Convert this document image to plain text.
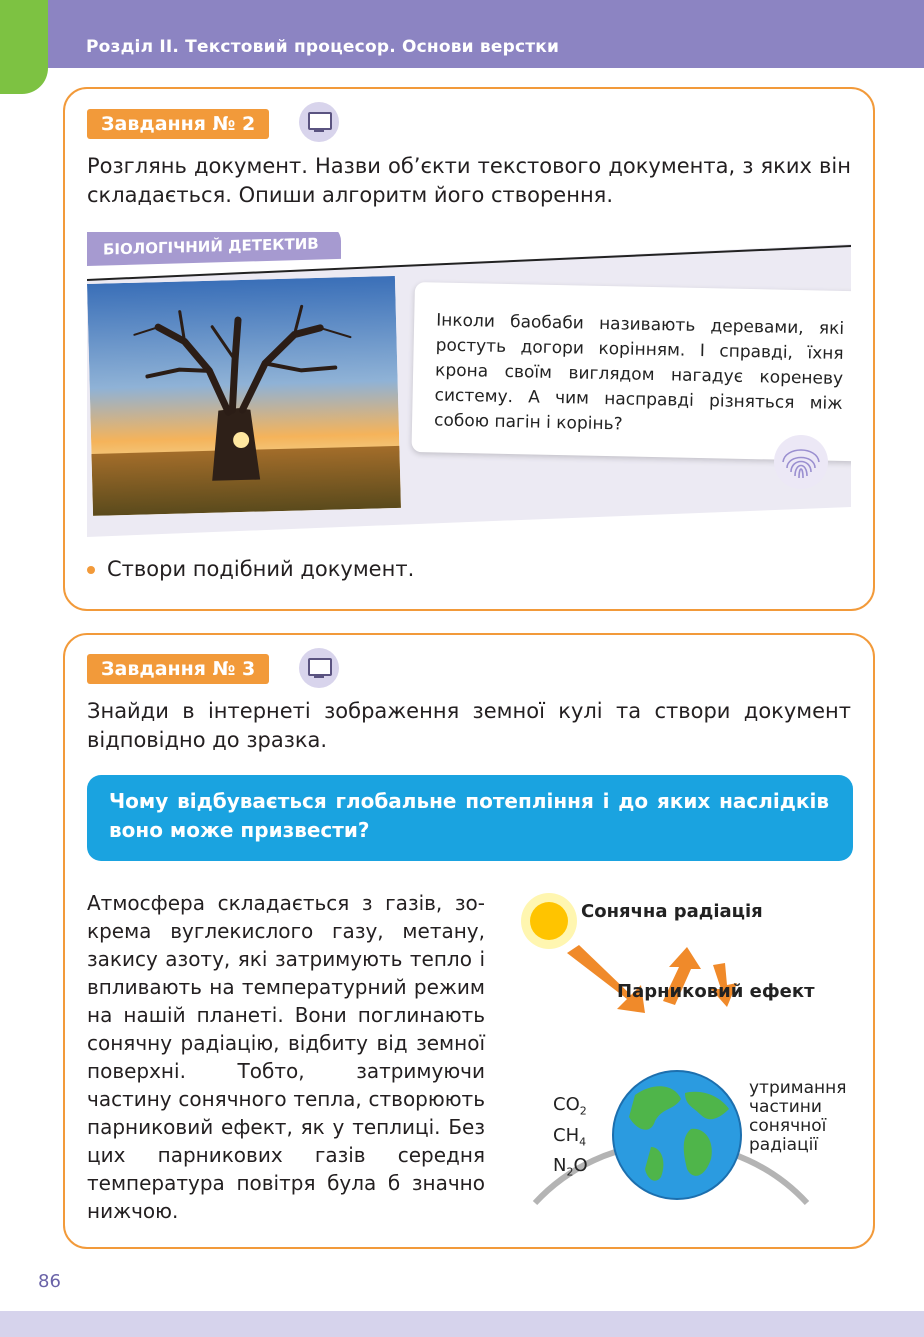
Розділ ІІ. Текстовий процесор. Основи верстки
Завдання № 2
Розглянь документ. Назви об’єкти текстового документа, з яких він складається. Опиши алгоритм його створення.
БІОЛОГІЧНИЙ ДЕТЕКТИВ
Інколи баобаби називають деревами, які ростуть догори корінням. І справді, їхня крона своїм виглядом нагадує кореневу систему. А чим насправді різняться між собою пагін і корінь?
Створи подібний документ.
Завдання № 3
Знайди в інтернеті зображення земної кулі та створи документ відповідно до зразка.
Чому відбувається глобальне потепління і до яких наслідків воно може призвести?
Атмосфера складається з газів, зокрема вуглекислого газу, метану, закису азоту, які затримують тепло і впливають на температурний режим на нашій планеті. Вони поглинають сонячну радіацію, відбиту від земної поверхні. Тобто, затримуючи частину сонячного тепла, створюють парниковий ефект, як у теплиці. Без цих парникових газів середня температура повітря була б значно нижчою.
Сонячна радіація
Парниковий ефект
$CO_2$
$CH_4$
$N_2O$
утримання частини сонячної радіації
86
